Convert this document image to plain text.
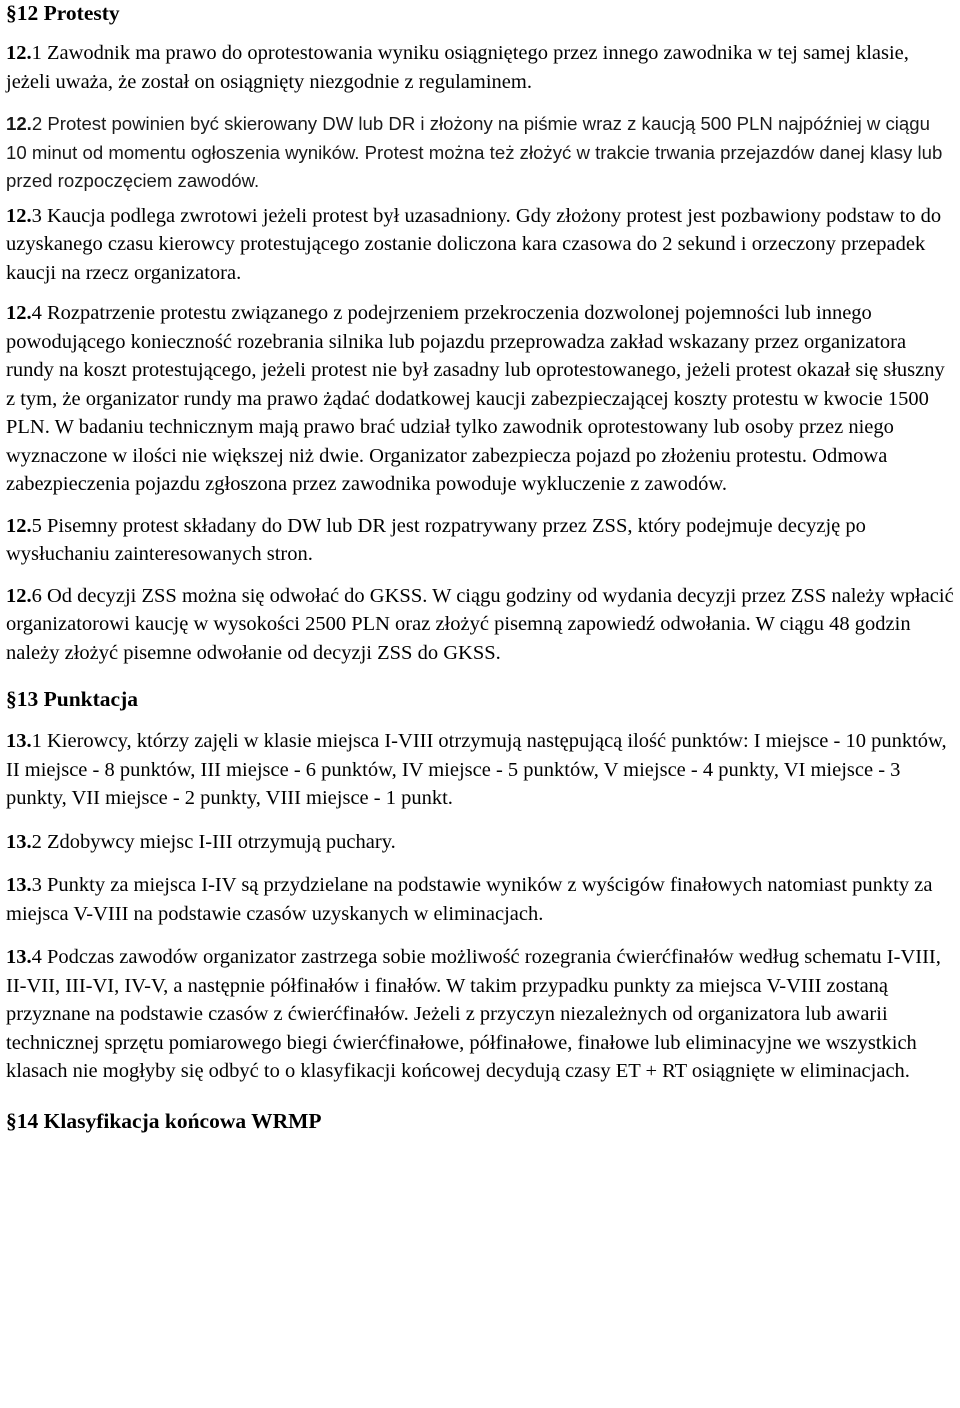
§12 Protesty

12.1 Zawodnik ma prawo do oprotestowania wyniku osiągniętego przez innego zawodnika w tej samej klasie, jeżeli uważa, że został on osiągnięty niezgodnie z regulaminem.

12.2 Protest powinien być skierowany DW lub DR i złożony na piśmie wraz z kaucją 500 PLN najpóźniej w ciągu 10 minut od momentu ogłoszenia wyników. Protest można też złożyć w trakcie trwania przejazdów danej klasy lub przed rozpoczęciem zawodów.

12.3 Kaucja podlega zwrotowi jeżeli protest był uzasadniony. Gdy złożony protest jest pozbawiony podstaw to do uzyskanego czasu kierowcy protestującego zostanie doliczona kara czasowa do 2 sekund i orzeczony przepadek kaucji na rzecz organizatora.

12.4 Rozpatrzenie protestu związanego z podejrzeniem przekroczenia dozwolonej pojemności lub innego powodującego konieczność rozebrania silnika lub pojazdu przeprowadza zakład wskazany przez organizatora rundy na koszt protestującego, jeżeli protest nie był zasadny lub oprotestowanego, jeżeli protest okazał się słuszny z tym, że organizator rundy ma prawo żądać dodatkowej kaucji zabezpieczającej koszty protestu w kwocie 1500 PLN. W badaniu technicznym mają prawo brać udział tylko zawodnik oprotestowany lub osoby przez niego wyznaczone w ilości nie większej niż dwie. Organizator zabezpiecza pojazd po złożeniu protestu. Odmowa zabezpieczenia pojazdu zgłoszona przez zawodnika powoduje wykluczenie z zawodów.

12.5 Pisemny protest składany do DW lub DR jest rozpatrywany przez ZSS, który podejmuje decyzję po wysłuchaniu zainteresowanych stron.

12.6 Od decyzji ZSS można się odwołać do GKSS. W ciągu godziny od wydania decyzji przez ZSS należy wpłacić organizatorowi kaucję w wysokości 2500 PLN oraz złożyć pisemną zapowiedź odwołania. W ciągu 48 godzin należy złożyć pisemne odwołanie od decyzji ZSS do GKSS.

§13 Punktacja

13.1 Kierowcy, którzy zajęli w klasie miejsca I-VIII otrzymują następującą ilość punktów: I miejsce - 10 punktów, II miejsce - 8 punktów, III miejsce - 6 punktów, IV miejsce - 5 punktów, V miejsce - 4 punkty, VI miejsce - 3 punkty, VII miejsce - 2 punkty, VIII miejsce - 1 punkt.

13.2 Zdobywcy miejsc I-III otrzymują puchary.

13.3 Punkty za miejsca I-IV są przydzielane na podstawie wyników z wyścigów finałowych natomiast punkty za miejsca V-VIII na podstawie czasów uzyskanych w eliminacjach.

13.4 Podczas zawodów organizator zastrzega sobie możliwość rozegrania ćwierćfinałów według schematu I-VIII, II-VII, III-VI, IV-V, a następnie półfinałów i finałów. W takim przypadku punkty za miejsca V-VIII zostaną przyznane na podstawie czasów z ćwierćfinałów. Jeżeli z przyczyn niezależnych od organizatora lub awarii technicznej sprzętu pomiarowego biegi ćwierćfinałowe, półfinałowe, finałowe lub eliminacyjne we wszystkich klasach nie mogłyby się odbyć to o klasyfikacji końcowej decydują czasy ET + RT osiągnięte w eliminacjach.

§14 Klasyfikacja końcowa WRMP
